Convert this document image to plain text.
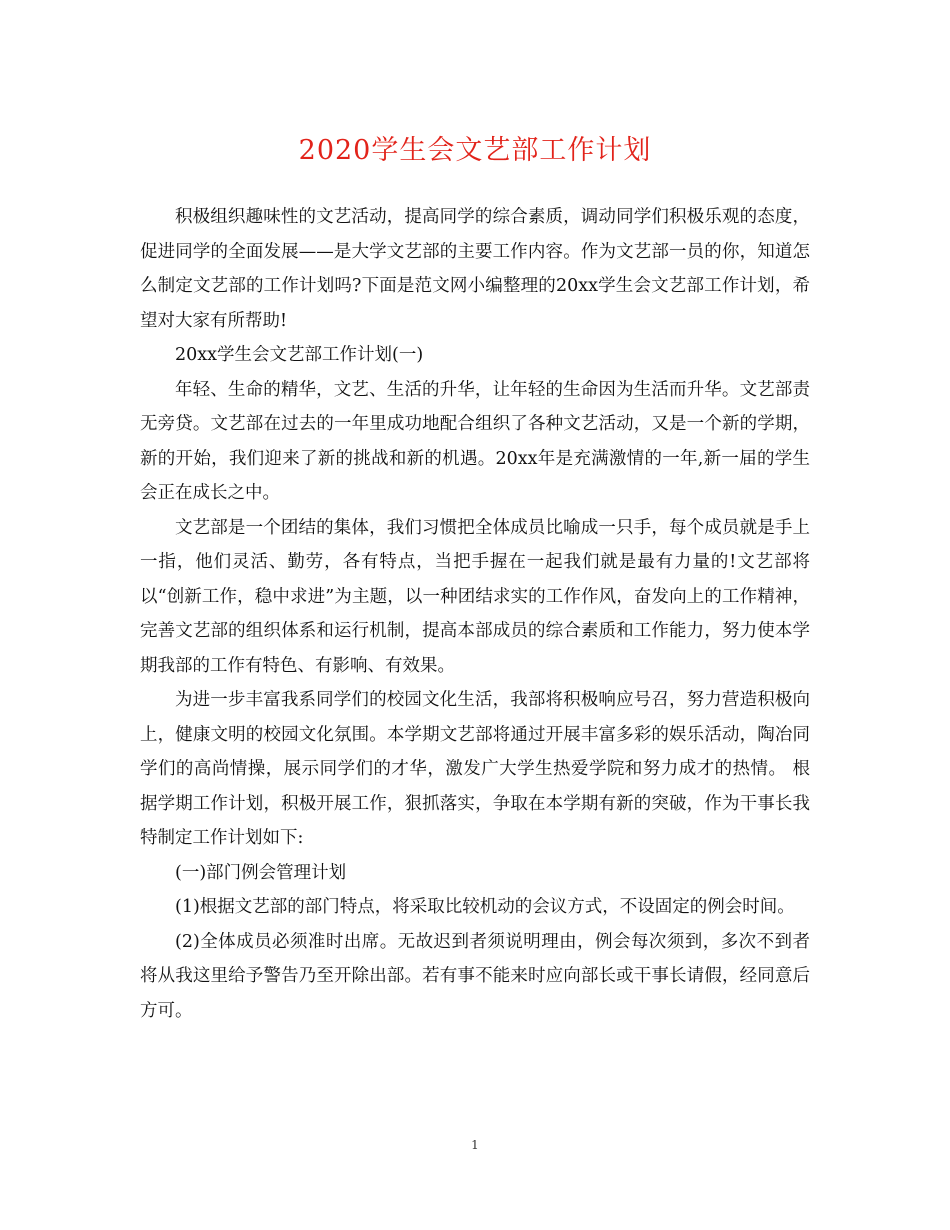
2020学生会文艺部工作计划

积极组织趣味性的文艺活动，提高同学的综合素质，调动同学们积极乐观的态度，促进同学的全面发展——是大学文艺部的主要工作内容。作为文艺部一员的你，知道怎么制定文艺部的工作计划吗?下面是范文网小编整理的20xx学生会文艺部工作计划，希望对大家有所帮助!

20xx学生会文艺部工作计划(一)

年轻、生命的精华，文艺、生活的升华，让年轻的生命因为生活而升华。文艺部责无旁贷。文艺部在过去的一年里成功地配合组织了各种文艺活动，又是一个新的学期，新的开始，我们迎来了新的挑战和新的机遇。20xx年是充满激情的一年,新一届的学生会正在成长之中。

文艺部是一个团结的集体，我们习惯把全体成员比喻成一只手，每个成员就是手上一指，他们灵活、勤劳，各有特点，当把手握在一起我们就是最有力量的!文艺部将以“创新工作，稳中求进”为主题，以一种团结求实的工作作风，奋发向上的工作精神，完善文艺部的组织体系和运行机制，提高本部成员的综合素质和工作能力，努力使本学期我部的工作有特色、有影响、有效果。

为进一步丰富我系同学们的校园文化生活，我部将积极响应号召，努力营造积极向上，健康文明的校园文化氛围。本学期文艺部将通过开展丰富多彩的娱乐活动，陶冶同学们的高尚情操，展示同学们的才华，激发广大学生热爱学院和努力成才的热情。 根据学期工作计划，积极开展工作，狠抓落实，争取在本学期有新的突破，作为干事长我特制定工作计划如下:

(一)部门例会管理计划

(1)根据文艺部的部门特点，将采取比较机动的会议方式，不设固定的例会时间。

(2)全体成员必须准时出席。无故迟到者须说明理由，例会每次须到，多次不到者将从我这里给予警告乃至开除出部。若有事不能来时应向部长或干事长请假，经同意后方可。

1
